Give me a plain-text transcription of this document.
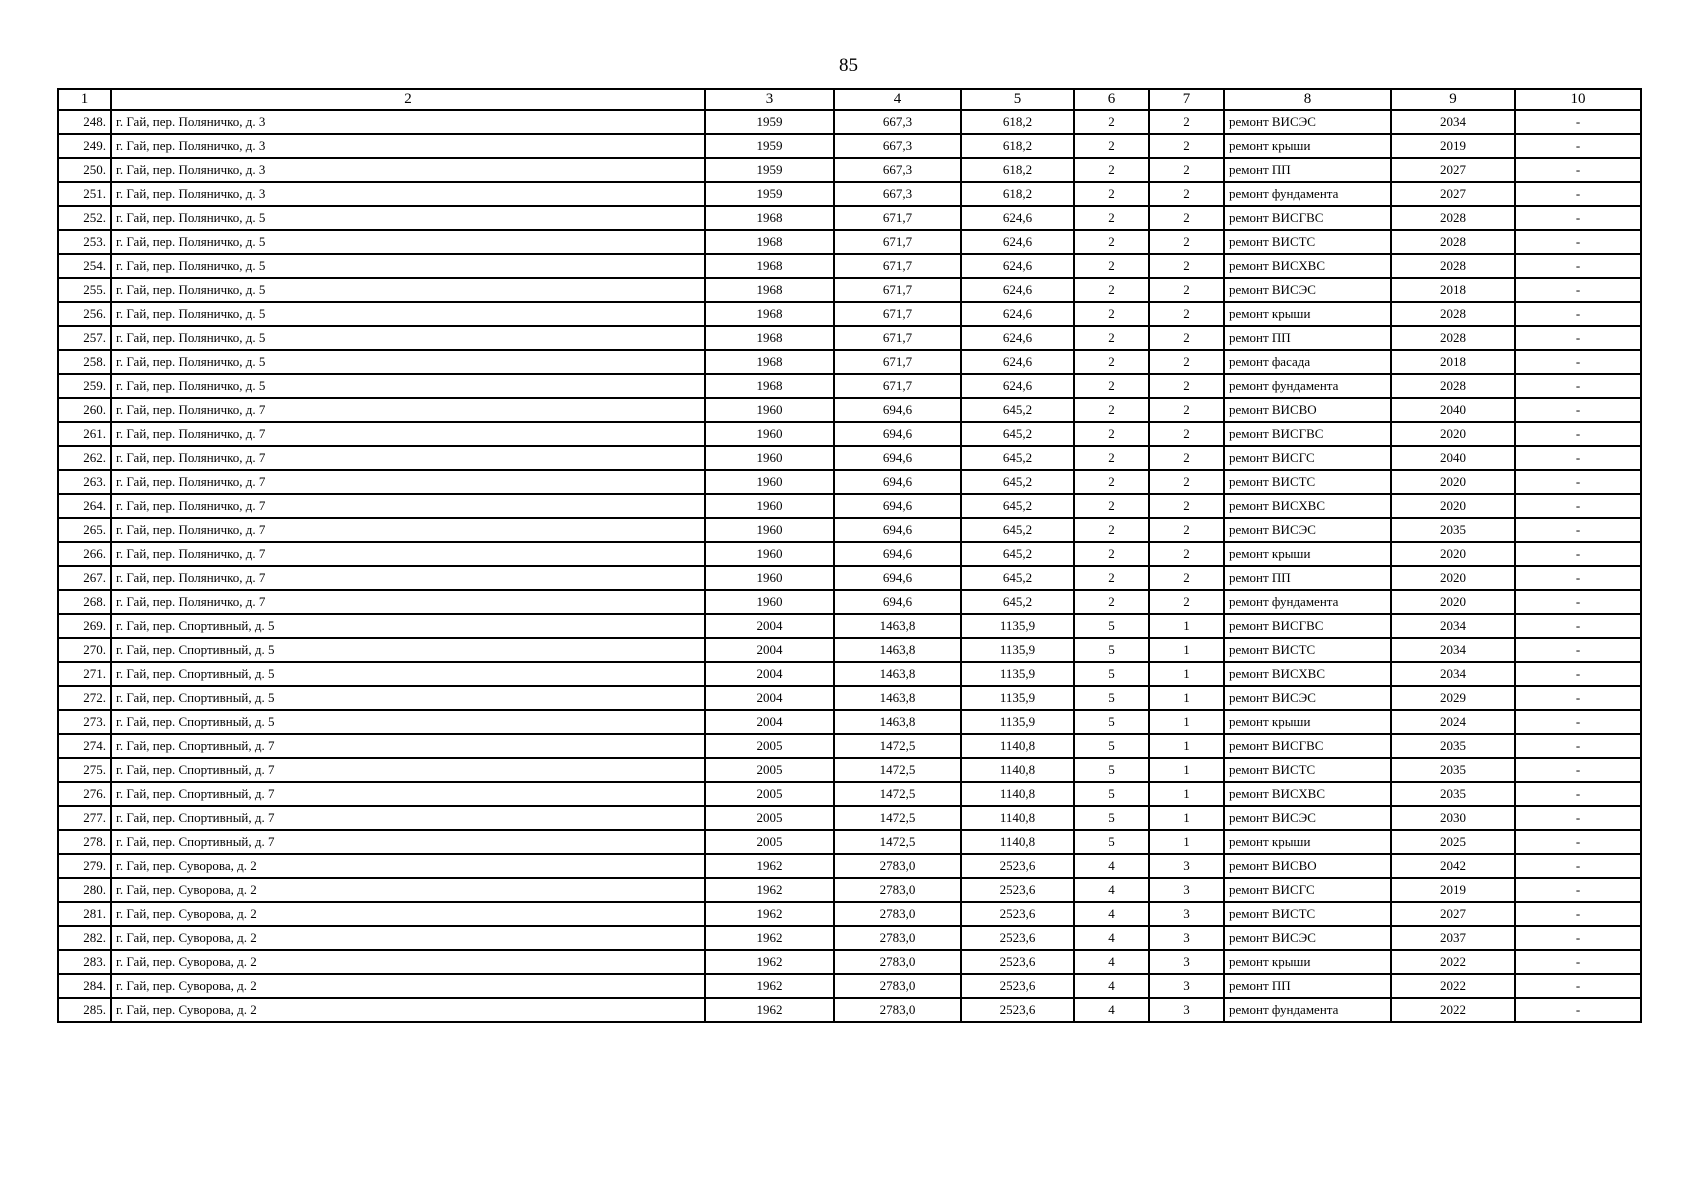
85
1	2	3	4	5	6	7	8	9	10
248.	г. Гай, пер. Поляничко, д. 3	1959	667,3	618,2	2	2	ремонт ВИСЭС	2034	-
249.	г. Гай, пер. Поляничко, д. 3	1959	667,3	618,2	2	2	ремонт крыши	2019	-
250.	г. Гай, пер. Поляничко, д. 3	1959	667,3	618,2	2	2	ремонт ПП	2027	-
251.	г. Гай, пер. Поляничко, д. 3	1959	667,3	618,2	2	2	ремонт фундамента	2027	-
252.	г. Гай, пер. Поляничко, д. 5	1968	671,7	624,6	2	2	ремонт ВИСГВС	2028	-
253.	г. Гай, пер. Поляничко, д. 5	1968	671,7	624,6	2	2	ремонт ВИСТС	2028	-
254.	г. Гай, пер. Поляничко, д. 5	1968	671,7	624,6	2	2	ремонт ВИСХВС	2028	-
255.	г. Гай, пер. Поляничко, д. 5	1968	671,7	624,6	2	2	ремонт ВИСЭС	2018	-
256.	г. Гай, пер. Поляничко, д. 5	1968	671,7	624,6	2	2	ремонт крыши	2028	-
257.	г. Гай, пер. Поляничко, д. 5	1968	671,7	624,6	2	2	ремонт ПП	2028	-
258.	г. Гай, пер. Поляничко, д. 5	1968	671,7	624,6	2	2	ремонт фасада	2018	-
259.	г. Гай, пер. Поляничко, д. 5	1968	671,7	624,6	2	2	ремонт фундамента	2028	-
260.	г. Гай, пер. Поляничко, д. 7	1960	694,6	645,2	2	2	ремонт ВИСВО	2040	-
261.	г. Гай, пер. Поляничко, д. 7	1960	694,6	645,2	2	2	ремонт ВИСГВС	2020	-
262.	г. Гай, пер. Поляничко, д. 7	1960	694,6	645,2	2	2	ремонт ВИСГС	2040	-
263.	г. Гай, пер. Поляничко, д. 7	1960	694,6	645,2	2	2	ремонт ВИСТС	2020	-
264.	г. Гай, пер. Поляничко, д. 7	1960	694,6	645,2	2	2	ремонт ВИСХВС	2020	-
265.	г. Гай, пер. Поляничко, д. 7	1960	694,6	645,2	2	2	ремонт ВИСЭС	2035	-
266.	г. Гай, пер. Поляничко, д. 7	1960	694,6	645,2	2	2	ремонт крыши	2020	-
267.	г. Гай, пер. Поляничко, д. 7	1960	694,6	645,2	2	2	ремонт ПП	2020	-
268.	г. Гай, пер. Поляничко, д. 7	1960	694,6	645,2	2	2	ремонт фундамента	2020	-
269.	г. Гай, пер. Спортивный, д. 5	2004	1463,8	1135,9	5	1	ремонт ВИСГВС	2034	-
270.	г. Гай, пер. Спортивный, д. 5	2004	1463,8	1135,9	5	1	ремонт ВИСТС	2034	-
271.	г. Гай, пер. Спортивный, д. 5	2004	1463,8	1135,9	5	1	ремонт ВИСХВС	2034	-
272.	г. Гай, пер. Спортивный, д. 5	2004	1463,8	1135,9	5	1	ремонт ВИСЭС	2029	-
273.	г. Гай, пер. Спортивный, д. 5	2004	1463,8	1135,9	5	1	ремонт крыши	2024	-
274.	г. Гай, пер. Спортивный, д. 7	2005	1472,5	1140,8	5	1	ремонт ВИСГВС	2035	-
275.	г. Гай, пер. Спортивный, д. 7	2005	1472,5	1140,8	5	1	ремонт ВИСТС	2035	-
276.	г. Гай, пер. Спортивный, д. 7	2005	1472,5	1140,8	5	1	ремонт ВИСХВС	2035	-
277.	г. Гай, пер. Спортивный, д. 7	2005	1472,5	1140,8	5	1	ремонт ВИСЭС	2030	-
278.	г. Гай, пер. Спортивный, д. 7	2005	1472,5	1140,8	5	1	ремонт крыши	2025	-
279.	г. Гай, пер. Суворова, д. 2	1962	2783,0	2523,6	4	3	ремонт ВИСВО	2042	-
280.	г. Гай, пер. Суворова, д. 2	1962	2783,0	2523,6	4	3	ремонт ВИСГС	2019	-
281.	г. Гай, пер. Суворова, д. 2	1962	2783,0	2523,6	4	3	ремонт ВИСТС	2027	-
282.	г. Гай, пер. Суворова, д. 2	1962	2783,0	2523,6	4	3	ремонт ВИСЭС	2037	-
283.	г. Гай, пер. Суворова, д. 2	1962	2783,0	2523,6	4	3	ремонт крыши	2022	-
284.	г. Гай, пер. Суворова, д. 2	1962	2783,0	2523,6	4	3	ремонт ПП	2022	-
285.	г. Гай, пер. Суворова, д. 2	1962	2783,0	2523,6	4	3	ремонт фундамента	2022	-
